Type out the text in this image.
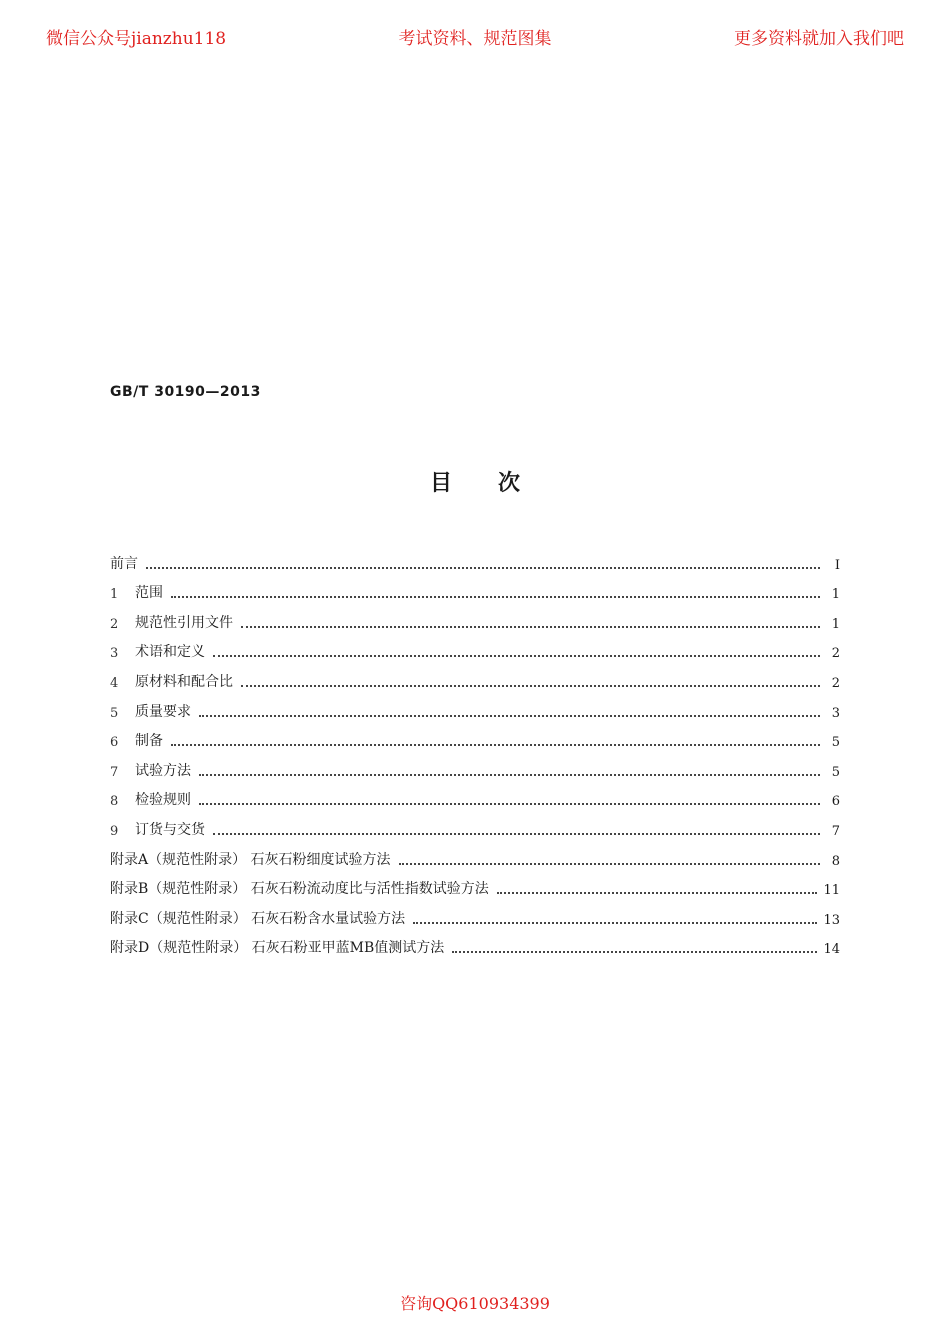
微信公众号jianzhu118	考试资料、规范图集	更多资料就加入我们吧
GB/T 30190—2013
目次
前言	Ⅰ
1	范围	1
2	规范性引用文件	1
3	术语和定义	2
4	原材料和配合比	2
5	质量要求	3
6	制备	5
7	试验方法	5
8	检验规则	6
9	订货与交货	7
附录A（规范性附录） 石灰石粉细度试验方法	8
附录B（规范性附录） 石灰石粉流动度比与活性指数试验方法	11
附录C（规范性附录） 石灰石粉含水量试验方法	13
附录D（规范性附录） 石灰石粉亚甲蓝MB值测试方法	14
咨询QQ610934399
